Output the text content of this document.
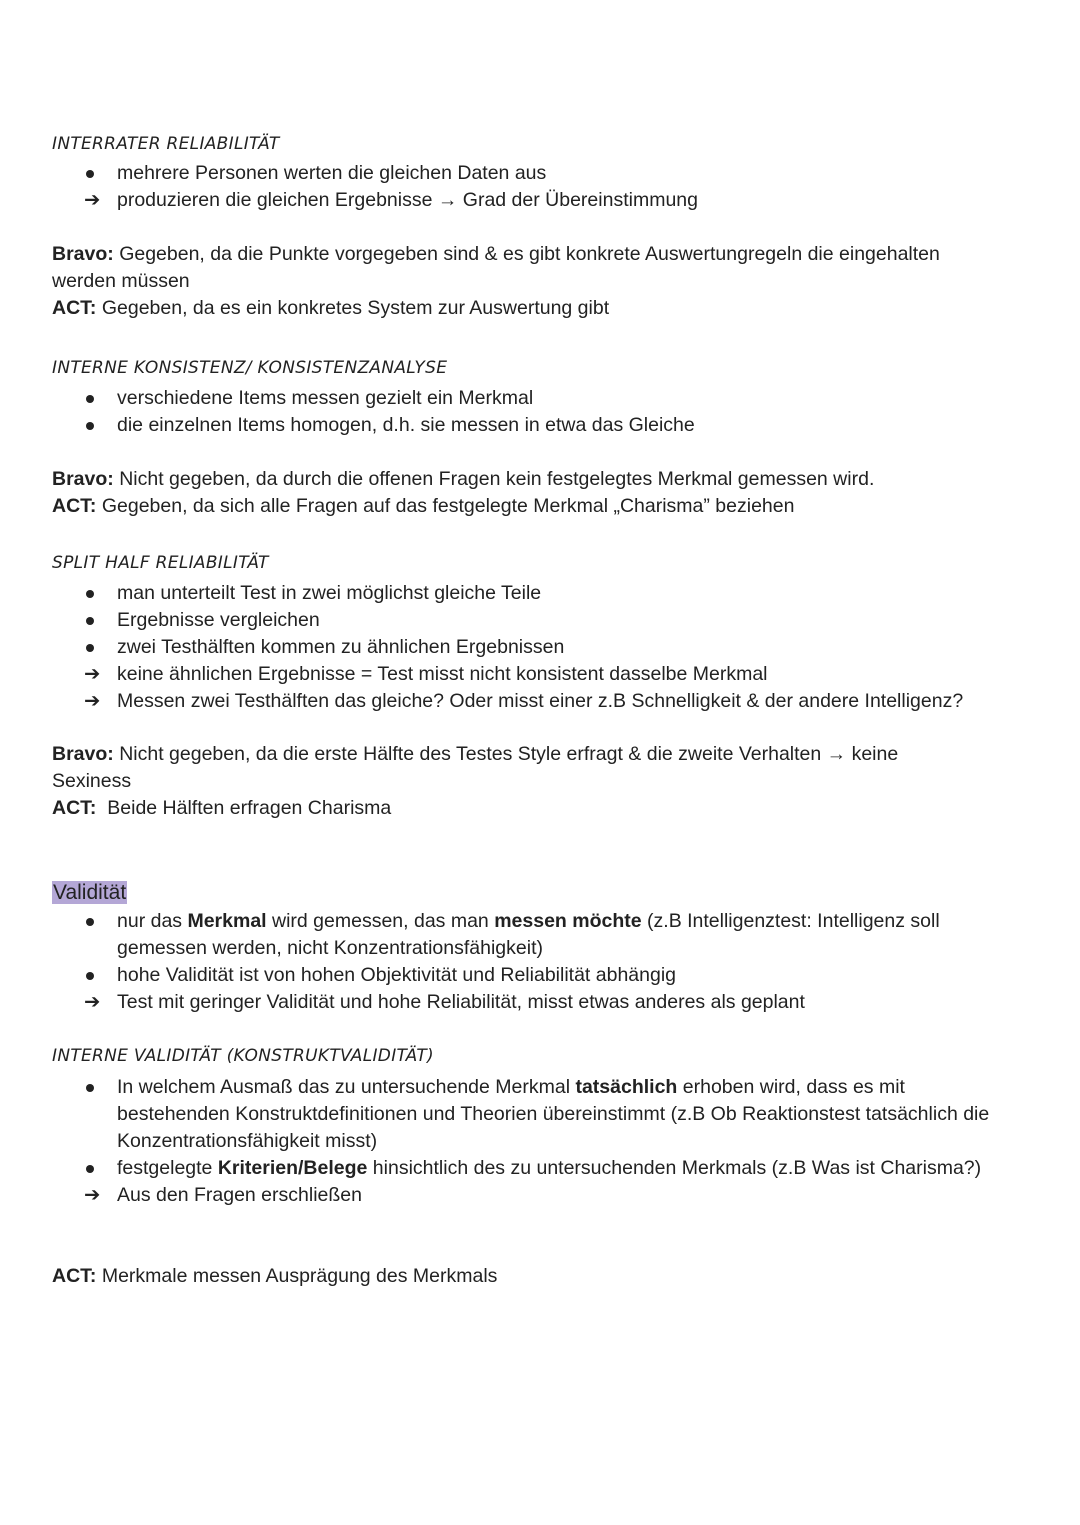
INTERRATER RELIABILITÄT
mehrere Personen werten die gleichen Daten aus
➔ produzieren die gleichen Ergebnisse → Grad der Übereinstimmung
Bravo: Gegeben, da die Punkte vorgegeben sind & es gibt konkrete Auswertungregeln die eingehalten werden müssen
ACT: Gegeben, da es ein konkretes System zur Auswertung gibt
INTERNE KONSISTENZ/ KONSISTENZANALYSE
verschiedene Items messen gezielt ein Merkmal
die einzelnen Items homogen, d.h. sie messen in etwa das Gleiche
Bravo: Nicht gegeben, da durch die offenen Fragen kein festgelegtes Merkmal gemessen wird.
ACT: Gegeben, da sich alle Fragen auf das festgelegte Merkmal „Charisma” beziehen
SPLIT HALF RELIABILITÄT
man unterteilt Test in zwei möglichst gleiche Teile
Ergebnisse vergleichen
zwei Testhälften kommen zu ähnlichen Ergebnissen
➔ keine ähnlichen Ergebnisse = Test misst nicht konsistent dasselbe Merkmal
➔ Messen zwei Testhälften das gleiche? Oder misst einer z.B Schnelligkeit & der andere Intelligenz?
Bravo: Nicht gegeben, da die erste Hälfte des Testes Style erfragt & die zweite Verhalten → keine Sexiness
ACT:  Beide Hälften erfragen Charisma
Validität
nur das Merkmal wird gemessen, das man messen möchte (z.B Intelligenztest: Intelligenz soll gemessen werden, nicht Konzentrationsfähigkeit)
hohe Validität ist von hohen Objektivität und Reliabilität abhängig
➔ Test mit geringer Validität und hohe Reliabilität, misst etwas anderes als geplant
INTERNE VALIDITÄT (KONSTRUKTVALIDITÄT)
In welchem Ausmaß das zu untersuchende Merkmal tatsächlich erhoben wird, dass es mit bestehenden Konstruktdefinitionen und Theorien übereinstimmt (z.B Ob Reaktionstest tatsächlich die Konzentrationsfähigkeit misst)
festgelegte Kriterien/Belege hinsichtlich des zu untersuchenden Merkmals (z.B Was ist Charisma?)
➔ Aus den Fragen erschließen
ACT: Merkmale messen Ausprägung des Merkmals
